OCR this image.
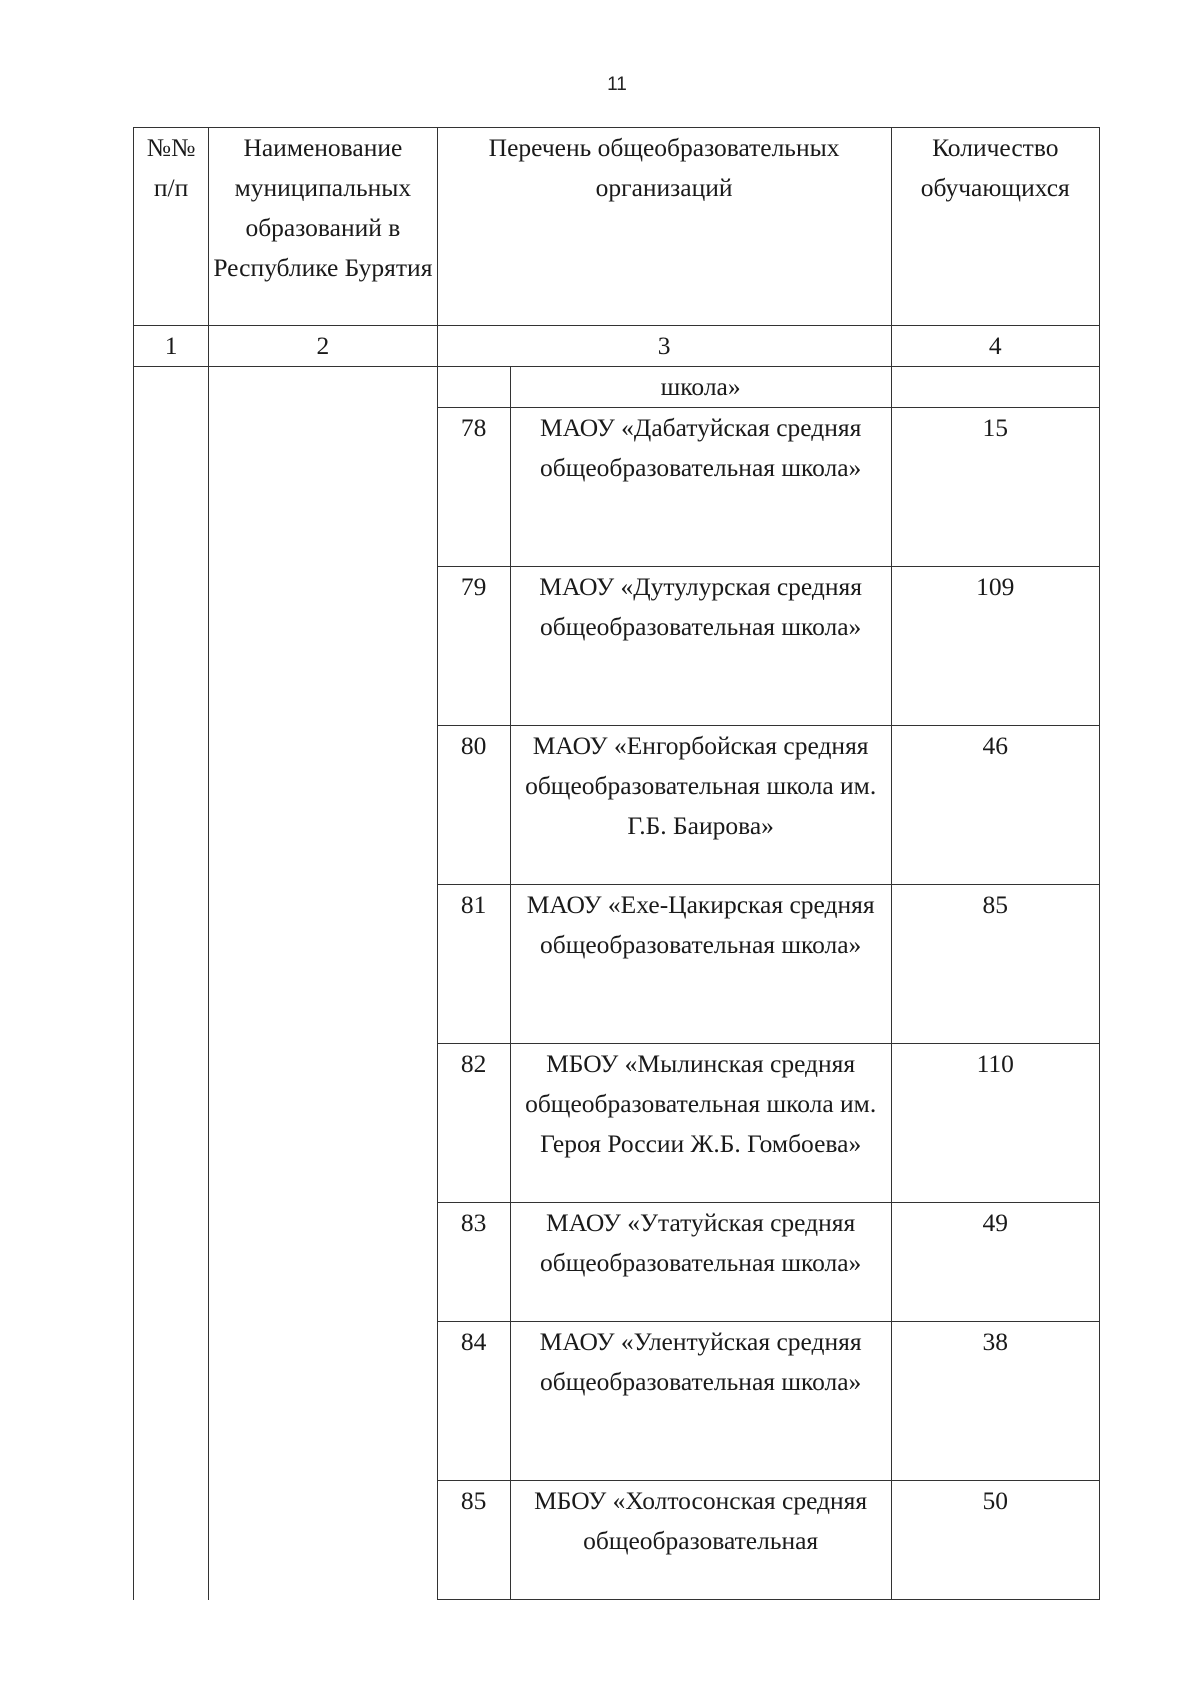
11
№№ п/п	Наименование муниципальных образований в Республике Бурятия	Перечень общеобразовательных организаций		Количество обучающихся
1	2	3		4
			школа»	
		78	МАОУ «Дабатуйская средняя общеобразовательная школа»	15
		79	МАОУ «Дутулурская средняя общеобразовательная школа»	109
		80	МАОУ «Енгорбойская средняя общеобразовательная школа им. Г.Б. Баирова»	46
		81	МАОУ «Ехе-Цакирская средняя общеобразовательная школа»	85
		82	МБОУ «Мылинская средняя общеобразовательная школа им. Героя России Ж.Б. Гомбоева»	110
		83	МАОУ «Утатуйская средняя общеобразовательная школа»	49
		84	МАОУ «Улентуйская средняя общеобразовательная школа»	38
		85	МБОУ «Холтосонская средняя общеобразовательная	50
